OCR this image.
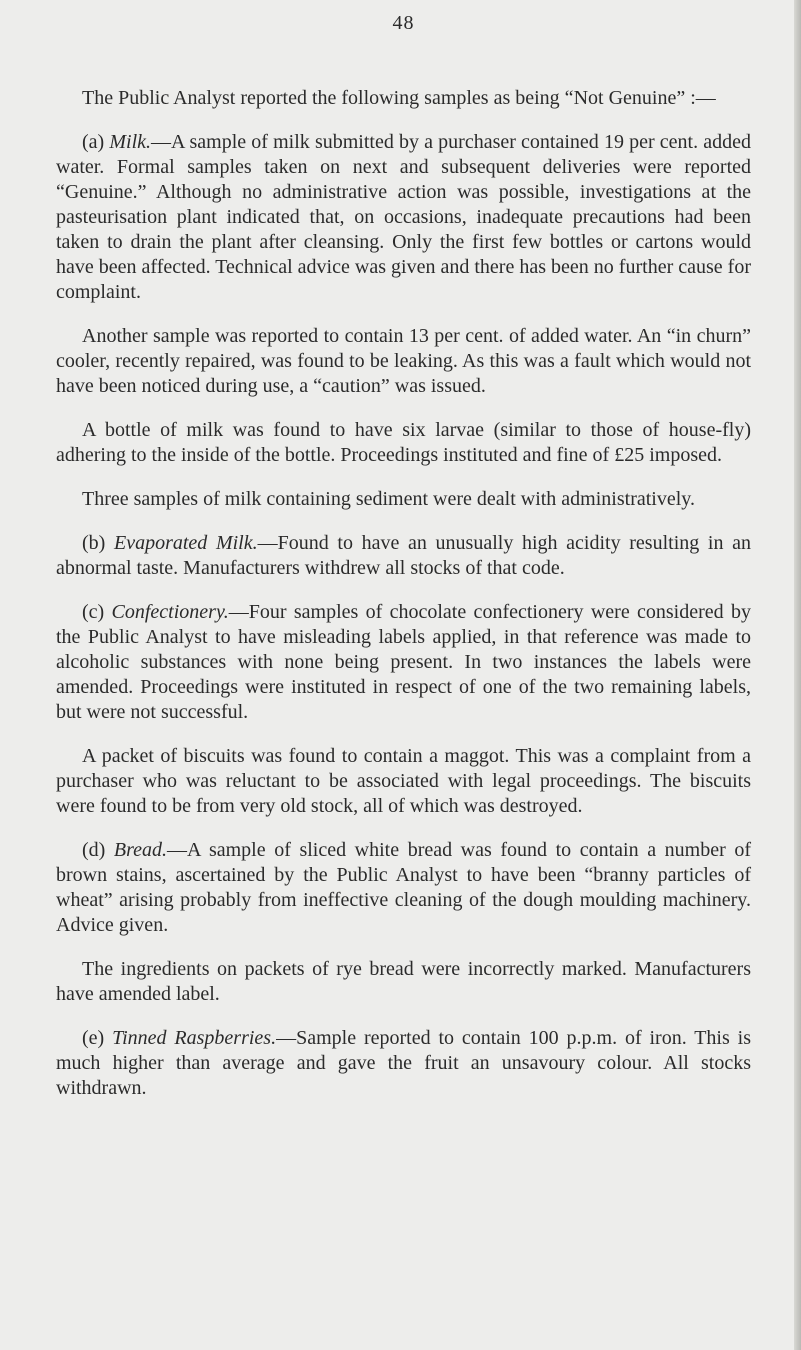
48

The Public Analyst reported the following samples as being “Not Genuine” :—

(a) Milk.—A sample of milk submitted by a purchaser contained 19 per cent. added water. Formal samples taken on next and subsequent deliveries were reported “Genuine.” Although no administrative action was possible, investigations at the pasteurisation plant indicated that, on occasions, inadequate precautions had been taken to drain the plant after cleansing. Only the first few bottles or cartons would have been affected. Technical advice was given and there has been no further cause for complaint.

Another sample was reported to contain 13 per cent. of added water. An “in churn” cooler, recently repaired, was found to be leaking. As this was a fault which would not have been noticed during use, a “caution” was issued.

A bottle of milk was found to have six larvae (similar to those of house-fly) adhering to the inside of the bottle. Proceedings instituted and fine of £25 imposed.

Three samples of milk containing sediment were dealt with administratively.

(b) Evaporated Milk.—Found to have an unusually high acidity resulting in an abnormal taste. Manufacturers withdrew all stocks of that code.

(c) Confectionery.—Four samples of chocolate confectionery were considered by the Public Analyst to have misleading labels applied, in that reference was made to alcoholic substances with none being present. In two instances the labels were amended. Proceedings were instituted in respect of one of the two remaining labels, but were not successful.

A packet of biscuits was found to contain a maggot. This was a complaint from a purchaser who was reluctant to be associated with legal proceedings. The biscuits were found to be from very old stock, all of which was destroyed.

(d) Bread.—A sample of sliced white bread was found to contain a number of brown stains, ascertained by the Public Analyst to have been “branny particles of wheat” arising probably from ineffective cleaning of the dough moulding machinery. Advice given.

The ingredients on packets of rye bread were incorrectly marked. Manufacturers have amended label.

(e) Tinned Raspberries.—Sample reported to contain 100 p.p.m. of iron. This is much higher than average and gave the fruit an unsavoury colour. All stocks withdrawn.
